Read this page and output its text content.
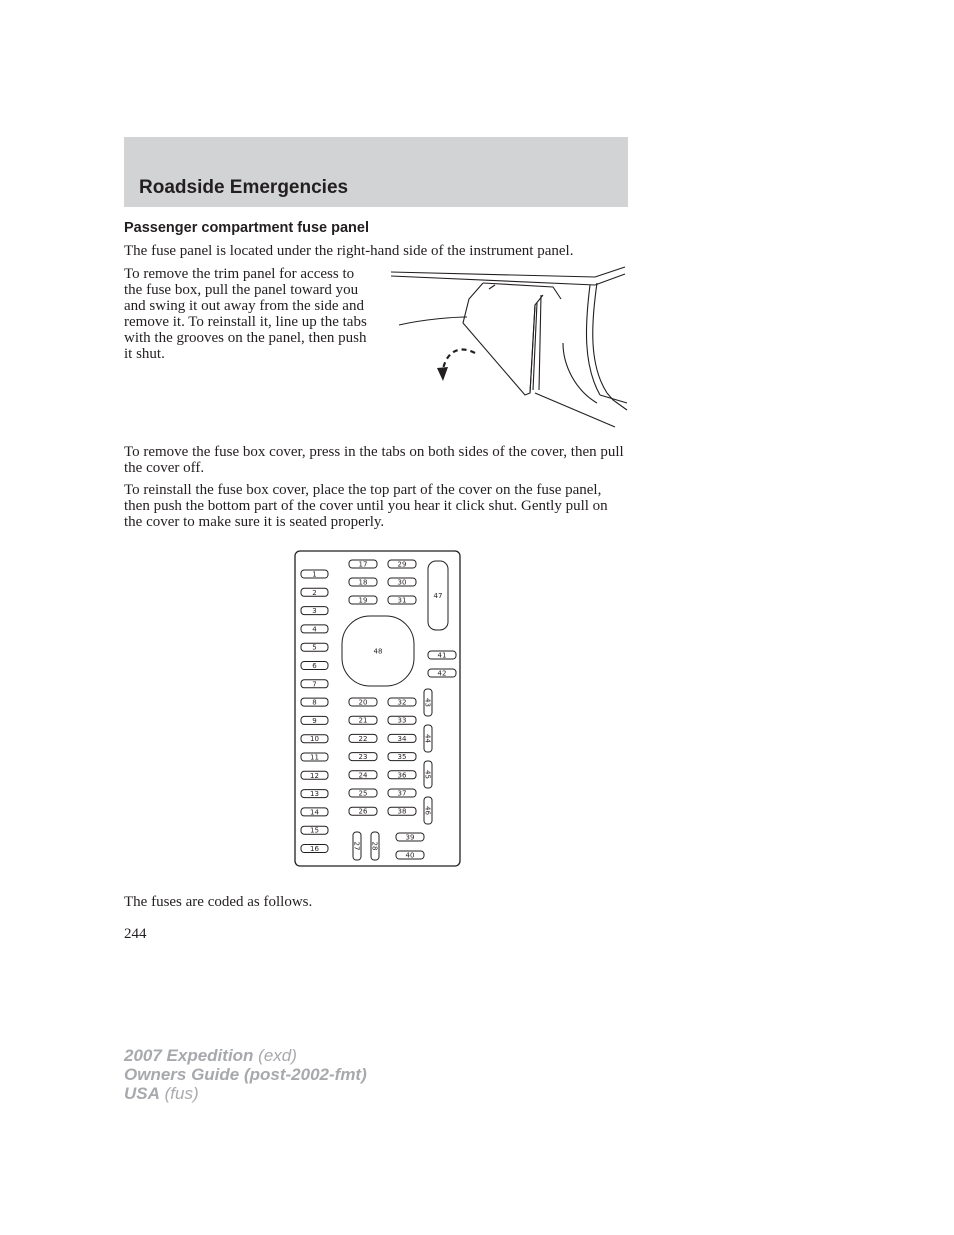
Roadside Emergencies
Passenger compartment fuse panel

The fuse panel is located under the right-hand side of the instrument panel.

To remove the trim panel for access to the fuse box, pull the panel toward you and swing it out away from the side and remove it. To reinstall it, line up the tabs with the grooves on the panel, then push it shut.

To remove the fuse box cover, press in the tabs on both sides of the cover, then pull the cover off.

To reinstall the fuse box cover, place the top part of the cover on the fuse panel, then push the bottom part of the cover until you hear it click shut. Gently pull on the cover to make sure it is seated properly.

1
2
3
4
5
6
7
8
9
10
11
12
13
14
15
16
17
18
19
29
30
31
47
48	41
42
20
21
22
23
24
25
26
32
33
34
35
36
37
38
27 28
39
40
43
44
45
46

The fuses are coded as follows.

244
2007 Expedition (exd)
Owners Guide (post-2002-fmt)
USA (fus)
